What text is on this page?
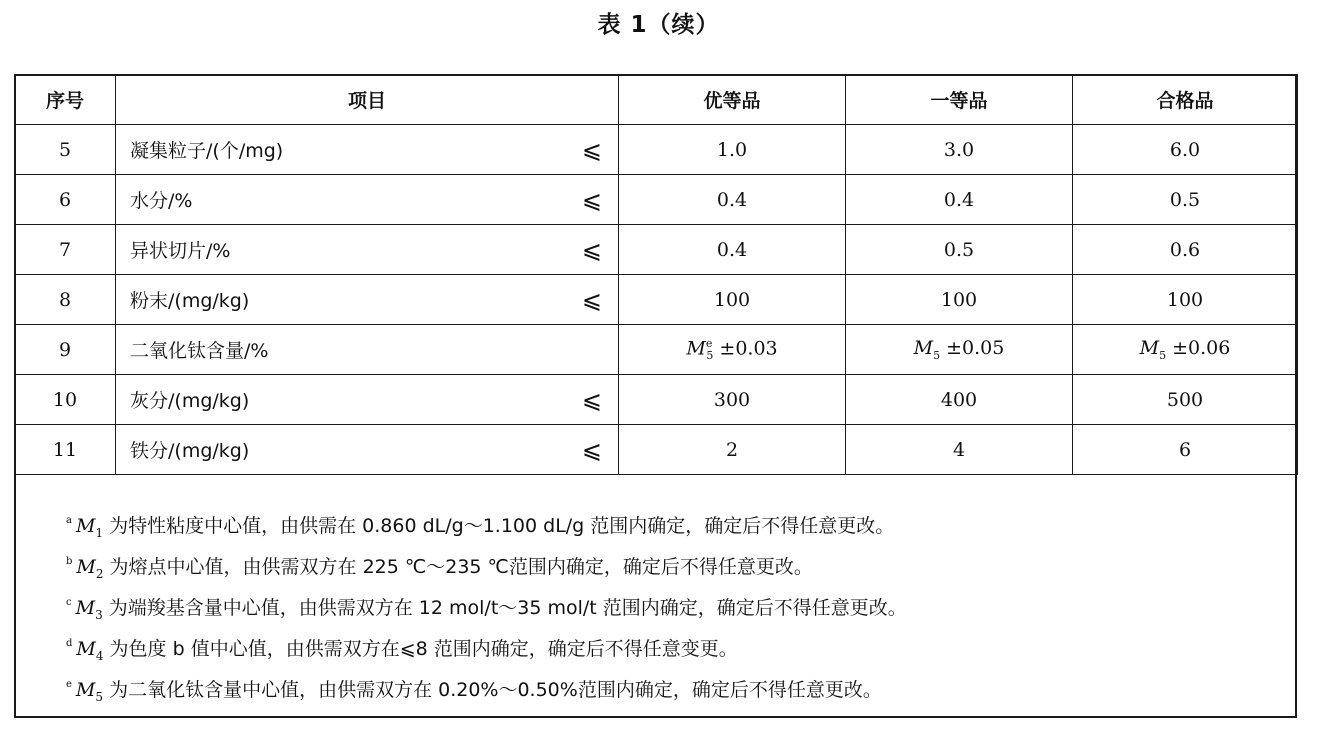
表 1（续）
序号	项目	优等品	一等品	合格品
5	凝集粒子/(个/mg) ⩽	1.0	3.0	6.0
6	水分/% ⩽	0.4	0.4	0.5
7	异状切片/% ⩽	0.4	0.5	0.6
8	粉末/(mg/kg) ⩽	100	100	100
9	二氧化钛含量/%	$M^e_5 \pm 0.03$	$M_5 \pm 0.05$	$M_5 \pm 0.06$
10	灰分/(mg/kg) ⩽	300	400	500
11	铁分/(mg/kg) ⩽	2	4	6
$^a$ $M_1$ 为特性粘度中心值，由供需在 0.860 dL/g～1.100 dL/g 范围内确定，确定后不得任意更改。
$^b$ $M_2$ 为熔点中心值，由供需双方在 225 ℃～235 ℃范围内确定，确定后不得任意更改。
$^c$ $M_3$ 为端羧基含量中心值，由供需双方在 12 mol/t～35 mol/t 范围内确定，确定后不得任意更改。
$^d$ $M_4$ 为色度 b 值中心值，由供需双方在⩽8 范围内确定，确定后不得任意变更。
$^e$ $M_5$ 为二氧化钛含量中心值，由供需双方在 0.20%～0.50%范围内确定，确定后不得任意更改。
